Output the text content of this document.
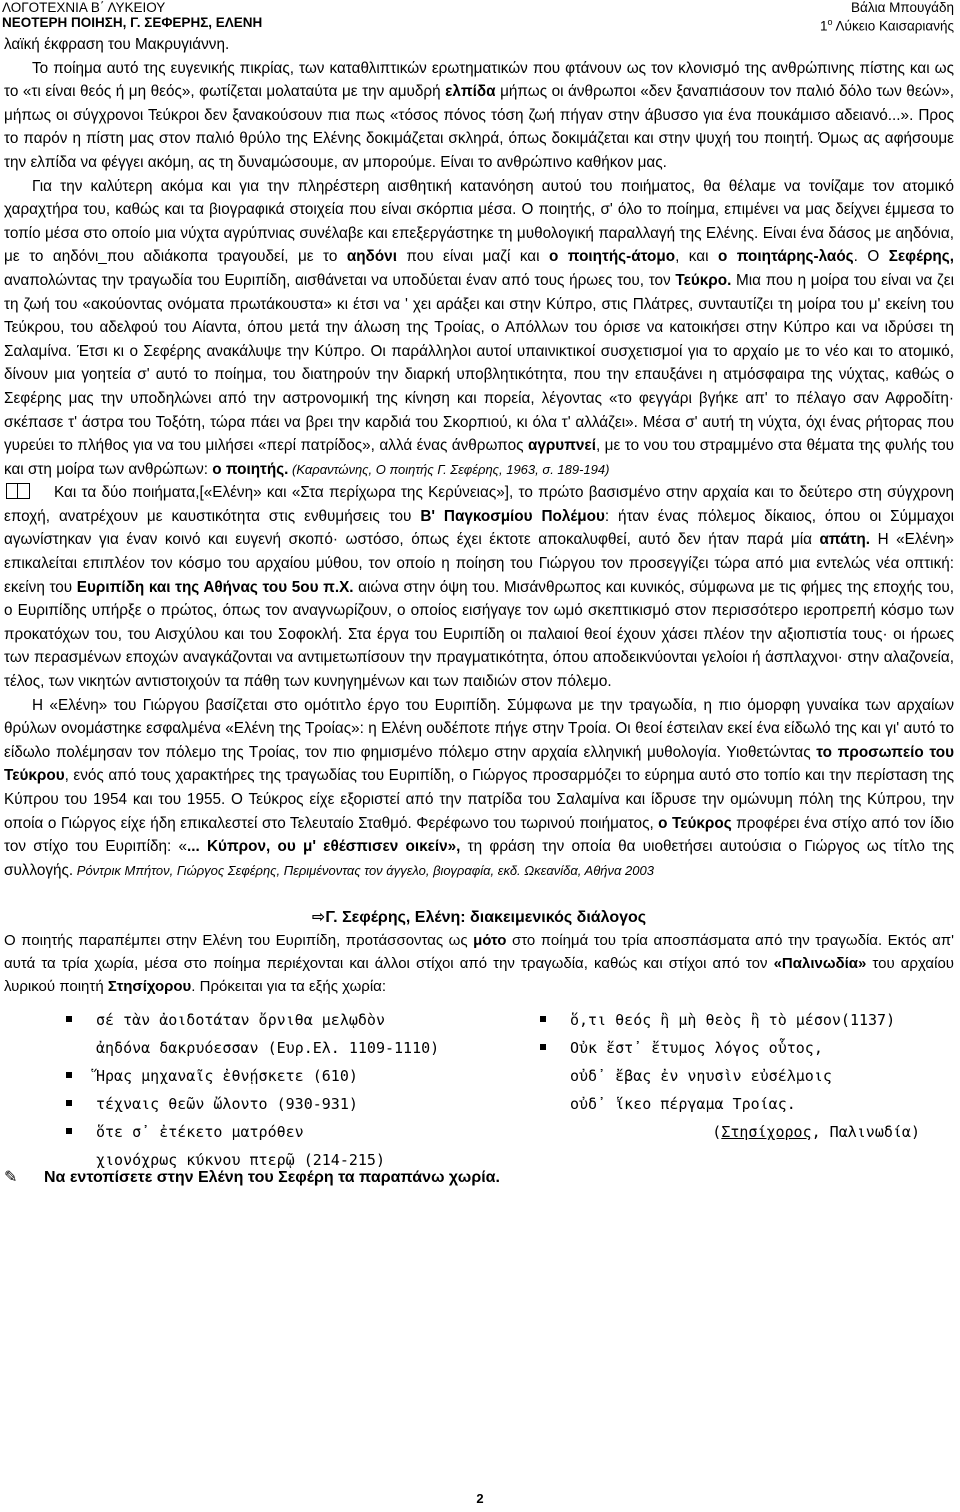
ΛΟΓΟΤΕΧΝΙΑ Β΄ ΛΥΚΕΙΟΥ
ΝΕΟΤΕΡΗ ΠΟΙΗΣΗ, Γ. ΣΕΦΕΡΗΣ, ΕΛΕΝΗ
Βάλια Μπουγάδη
$1^o$ Λύκειο Καισαριανής

λαϊκή έκφραση του Μακρυγιάννη.

Το ποίημα αυτό της ευγενικής πικρίας, των καταθλιπτικών ερωτηματικών που φτάνουν ως τον κλονισμό της ανθρώπινης πίστης και ως το «τι είναι θεός ή μη θεός», φωτίζεται μολαταύτα με την αμυδρή ελπίδα μήπως οι άνθρωποι «δεν ξαναπιάσουν τον παλιό δόλο των θεών», μήπως οι σύγχρονοι Τεύκροι δεν ξανακούσουν πια πως «τόσος πόνος τόση ζωή πήγαν στην άβυσσο για ένα πουκάμισο αδειανό...». Προς το παρόν η πίστη μας στον παλιό θρύλο της Ελένης δοκιμάζεται σκληρά, όπως δοκιμάζεται και στην ψυχή του ποιητή. Όμως ας αφήσουμε την ελπίδα να φέγγει ακόμη, ας τη δυναμώσουμε, αν μπορούμε. Είναι το ανθρώπινο καθήκον μας.

Για την καλύτερη ακόμα και για την πληρέστερη αισθητική κατανόηση αυτού του ποιήματος, θα θέλαμε να τονίζαμε τον ατομικό χαραχτήρα του, καθώς και τα βιογραφικά στοιχεία που είναι σκόρπια μέσα. Ο ποιητής, σ' όλο το ποίημα, επιμένει να μας δείχνει έμμεσα το τοπίο μέσα στο οποίο μια νύχτα αγρύπνιας συνέλαβε και επεξεργάστηκε τη μυθολογική παραλλαγή της Ελένης. Είναι ένα δάσος με αηδόνια, με το αηδόνι_που αδιάκοπα τραγουδεί, με το αηδόνι που είναι μαζί και ο ποιητής-άτομο, και ο ποιητάρης-λαός. Ο Σεφέρης, αναπολώντας την τραγωδία του Ευριπίδη, αισθάνεται να υποδύεται έναν από τους ήρωες του, τον Τεύκρο. Μια που η μοίρα του είναι να ζει τη ζωή του «ακούοντας ονόματα πρωτάκουστα» κι έτσι να ' χει αράξει και στην Κύπρο, στις Πλάτρες, συνταυτίζει τη μοίρα του μ' εκείνη του Τεύκρου, του αδελφού του Αίαντα, όπου μετά την άλωση της Τροίας, ο Απόλλων του όρισε να κατοικήσει στην Κύπρο και να ιδρύσει τη Σαλαμίνα. Έτσι κι ο Σεφέρης ανακάλυψε την Κύπρο. Οι παράλληλοι αυτοί υπαινικτικοί συσχετισμοί για το αρχαίο με το νέο και το ατομικό, δίνουν μια γοητεία σ' αυτό το ποίημα, του διατηρούν την διαρκή υποβλητικότητα, που την επαυξάνει η ατμόσφαιρα της νύχτας, καθώς ο Σεφέρης μας την υποδηλώνει από την αστρονομική της κίνηση και πορεία, λέγοντας «το φεγγάρι βγήκε απ' το πέλαγο σαν Αφροδίτη· σκέπασε τ' άστρα του Τοξότη, τώρα πάει να βρει την καρδιά του Σκορπιού, κι όλα τ' αλλάζει». Μέσα σ' αυτή τη νύχτα, όχι ένας ρήτορας που γυρεύει το πλήθος για να του μιλήσει «περί πατρίδος», αλλά ένας άνθρωπος αγρυπνεί, με το νου του στραμμένο στα θέματα της φυλής του και στη μοίρα των ανθρώπων: ο ποιητής. (Καραντώνης, Ο ποιητής Γ. Σεφέρης, 1963, σ. 189-194)

Και τα δύο ποιήματα,[«Ελένη» και «Στα περίχωρα της Κερύνειας»], το πρώτο βασισμένο στην αρχαία και το δεύτερο στη σύγχρονη εποχή, ανατρέχουν με καυστικότητα στις ενθυμήσεις του Β' Παγκοσμίου Πολέμου: ήταν ένας πόλεμος δίκαιος, όπου οι Σύμμαχοι αγωνίστηκαν για έναν κοινό και ευγενή σκοπό· ωστόσο, όπως έχει έκτοτε αποκαλυφθεί, αυτό δεν ήταν παρά μία απάτη. Η «Ελένη» επικαλείται επιπλέον τον κόσμο του αρχαίου μύθου, τον οποίο η ποίηση του Γιώργου τον προσεγγίζει τώρα από μια εντελώς νέα οπτική: εκείνη του Ευριπίδη και της Αθήνας του 5ου π.Χ. αιώνα στην όψη του. Μισάνθρωπος και κυνικός, σύμφωνα με τις φήμες της εποχής του, ο Ευριπίδης υπήρξε ο πρώτος, όπως τον αναγνωρίζουν, ο οποίος εισήγαγε τον ωμό σκεπτικισμό στον περισσότερο ιεροπρεπή κόσμο των προκατόχων του, του Αισχύλου και του Σοφοκλή. Στα έργα του Ευριπίδη οι παλαιοί θεοί έχουν χάσει πλέον την αξιοπιστία τους· οι ήρωες των περασμένων εποχών αναγκάζονται να αντιμετωπίσουν την πραγματικότητα, όπου αποδεικνύονται γελοίοι ή άσπλαχνοι· στην αλαζονεία, τέλος, των νικητών αντιστοιχούν τα πάθη των κυνηγημένων και των παιδιών στον πόλεμο.

Η «Ελένη» του Γιώργου βασίζεται στο ομότιτλο έργο του Ευριπίδη. Σύμφωνα με την τραγωδία, η πιο όμορφη γυναίκα των αρχαίων θρύλων ονομάστηκε εσφαλμένα «Ελένη της Τροίας»: η Ελένη ουδέποτε πήγε στην Τροία. Οι θεοί έστειλαν εκεί ένα είδωλό της και γι' αυτό το είδωλο πολέμησαν τον πόλεμο της Τροίας, τον πιο φημισμένο πόλεμο στην αρχαία ελληνική μυθολογία. Υιοθετώντας το προσωπείο του Τεύκρου, ενός από τους χαρακτήρες της τραγωδίας του Ευριπίδη, ο Γιώργος προσαρμόζει το εύρημα αυτό στο τοπίο και την περίσταση της Κύπρου του 1954 και του 1955. Ο Τεύκρος είχε εξοριστεί από την πατρίδα του Σαλαμίνα και ίδρυσε την ομώνυμη πόλη της Κύπρου, την οποία ο Γιώργος είχε ήδη επικαλεστεί στο Τελευταίο Σταθμό. Φερέφωνο του τωρινού ποιήματος, ο Τεύκρος προφέρει ένα στίχο από τον ίδιο τον στίχο του Ευριπίδη: «... Κύπρον, ου μ' εθέσπισεν οικείν», τη φράση την οποία θα υιοθετήσει αυτούσια ο Γιώργος ως τίτλο της συλλογής. Ρόντρικ Μπήτον, Γιώργος Σεφέρης, Περιμένοντας τον άγγελο, βιογραφία, εκδ. Ωκεανίδα, Αθήνα 2003

⇨Γ. Σεφέρης, Ελένη: διακειμενικός διάλογος

Ο ποιητής παραπέμπει στην Ελένη του Ευριπίδη, προτάσσοντας ως μότο στο ποίημά του τρία αποσπάσματα από την τραγωδία. Εκτός απ' αυτά τα τρία χωρία, μέσα στο ποίημα περιέχονται και άλλοι στίχοι από την τραγωδία, καθώς και στίχοι από τον «Παλινωδία» του αρχαίου λυρικού ποιητή Στησίχορου. Πρόκειται για τα εξής χωρία:

σέ τὰν ἀοιδοτάταν ὄρνιθα μελῳδὸν
ἀηδόνα δακρυόεσσαν (Ευρ.Ελ. 1109-1110)
Ἥρας μηχαναῖς ἐθνῄσκετε (610)
τέχναις θεῶν ὤλοντο (930-931)
ὅτε σ᾽ ἐτέκετο ματρόθεν
χιονόχρως κύκνου πτερῷ (214-215)
ὅ,τι θεός ἢ μὴ θεὸς ἢ τὸ μέσον(1137)
Οὐκ ἔστ᾽ ἔτυμος λόγος οὗτος,
οὐδ᾽ ἔβας ἐν νηυσὶν εὐσέλμοις
οὐδ᾽ ἵκεο πέργαμα Τροίας.
(Στησίχορος, Παλινωδία)
✎ Να εντοπίσετε στην Ελένη του Σεφέρη τα παραπάνω χωρία.
2
